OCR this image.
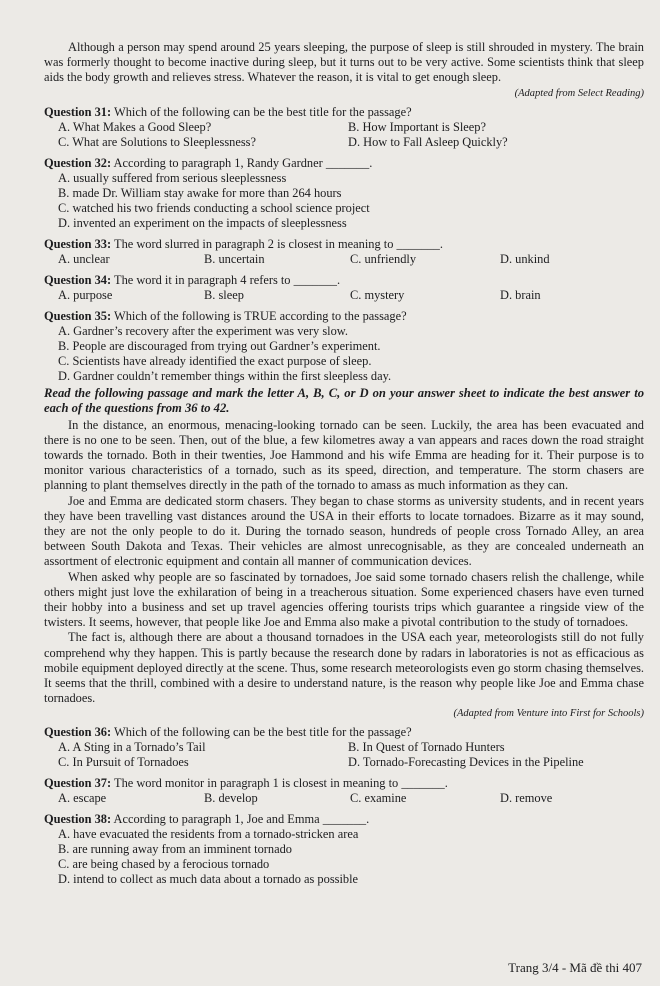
Although a person may spend around 25 years sleeping, the purpose of sleep is still shrouded in mystery. The brain was formerly thought to become inactive during sleep, but it turns out to be very active. Some scientists think that sleep aids the body growth and relieves stress. Whatever the reason, it is vital to get enough sleep.

(Adapted from Select Reading)
Question 31: Which of the following can be the best title for the passage?
A. What Makes a Good Sleep?	B. How Important is Sleep?
C. What are Solutions to Sleeplessness?	D. How to Fall Asleep Quickly?
Question 32: According to paragraph 1, Randy Gardner _______.
A. usually suffered from serious sleeplessness
B. made Dr. William stay awake for more than 264 hours
C. watched his two friends conducting a school science project
D. invented an experiment on the impacts of sleeplessness
Question 33: The word slurred in paragraph 2 is closest in meaning to _______.
A. unclear	B. uncertain	C. unfriendly	D. unkind
Question 34: The word it in paragraph 4 refers to _______.
A. purpose	B. sleep	C. mystery	D. brain
Question 35: Which of the following is TRUE according to the passage?
A. Gardner’s recovery after the experiment was very slow.
B. People are discouraged from trying out Gardner’s experiment.
C. Scientists have already identified the exact purpose of sleep.
D. Gardner couldn’t remember things within the first sleepless day.
Read the following passage and mark the letter A, B, C, or D on your answer sheet to indicate the best answer to each of the questions from 36 to 42.

In the distance, an enormous, menacing-looking tornado can be seen. Luckily, the area has been evacuated and there is no one to be seen. Then, out of the blue, a few kilometres away a van appears and races down the road straight towards the tornado. Both in their twenties, Joe Hammond and his wife Emma are heading for it. Their purpose is to monitor various characteristics of a tornado, such as its speed, direction, and temperature. The storm chasers are planning to plant themselves directly in the path of the tornado to amass as much information as they can.

Joe and Emma are dedicated storm chasers. They began to chase storms as university students, and in recent years they have been travelling vast distances around the USA in their efforts to locate tornadoes. Bizarre as it may sound, they are not the only people to do it. During the tornado season, hundreds of people cross Tornado Alley, an area between South Dakota and Texas. Their vehicles are almost unrecognisable, as they are concealed underneath an assortment of electronic equipment and contain all manner of communication devices.

When asked why people are so fascinated by tornadoes, Joe said some tornado chasers relish the challenge, while others might just love the exhilaration of being in a treacherous situation. Some experienced chasers have even turned their hobby into a business and set up travel agencies offering tourists trips which guarantee a ringside view of the twisters. It seems, however, that people like Joe and Emma also make a pivotal contribution to the study of tornadoes.

The fact is, although there are about a thousand tornadoes in the USA each year, meteorologists still do not fully comprehend why they happen. This is partly because the research done by radars in laboratories is not as efficacious as mobile equipment deployed directly at the scene. Thus, some research meteorologists even go storm chasing themselves. It seems that the thrill, combined with a desire to understand nature, is the reason why people like Joe and Emma chase tornadoes.

(Adapted from Venture into First for Schools)
Question 36: Which of the following can be the best title for the passage?
A. A Sting in a Tornado’s Tail	B. In Quest of Tornado Hunters
C. In Pursuit of Tornadoes	D. Tornado-Forecasting Devices in the Pipeline
Question 37: The word monitor in paragraph 1 is closest in meaning to _______.
A. escape	B. develop	C. examine	D. remove
Question 38: According to paragraph 1, Joe and Emma _______.
A. have evacuated the residents from a tornado-stricken area
B. are running away from an imminent tornado
C. are being chased by a ferocious tornado
D. intend to collect as much data about a tornado as possible
Trang 3/4 - Mã đề thi 407
